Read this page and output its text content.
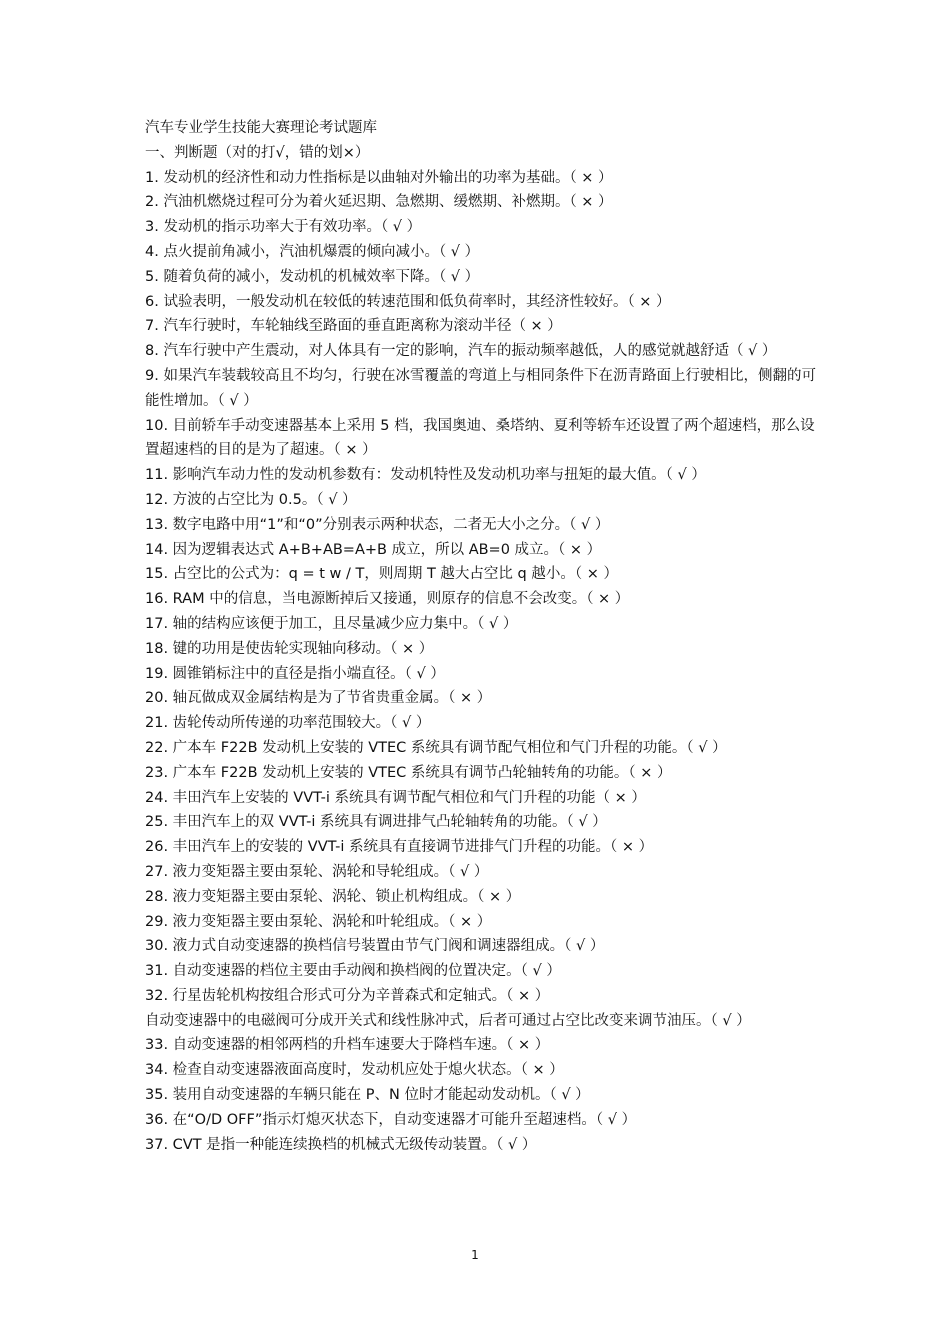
汽车专业学生技能大赛理论考试题库
一、判断题（对的打√，错的划×）
1. 发动机的经济性和动力性指标是以曲轴对外输出的功率为基础。（ × ）
2. 汽油机燃烧过程可分为着火延迟期、急燃期、缓燃期、补燃期。（ × ）
3. 发动机的指示功率大于有效功率。（ √ ）
4. 点火提前角减小，汽油机爆震的倾向减小。（ √ ）
5. 随着负荷的减小，发动机的机械效率下降。（ √ ）
6. 试验表明，一般发动机在较低的转速范围和低负荷率时，其经济性较好。（ × ）
7. 汽车行驶时，车轮轴线至路面的垂直距离称为滚动半径（ × ）
8. 汽车行驶中产生震动，对人体具有一定的影响，汽车的振动频率越低，人的感觉就越舒适（ √ ）
9. 如果汽车装载较高且不均匀，行驶在冰雪覆盖的弯道上与相同条件下在沥青路面上行驶相比，侧翻的可能性增加。（ √ ）
10. 目前轿车手动变速器基本上采用 5 档，我国奥迪、桑塔纳、夏利等轿车还设置了两个超速档，那么设置超速档的目的是为了超速。（ × ）
11. 影响汽车动力性的发动机参数有：发动机特性及发动机功率与扭矩的最大值。（ √ ）
12. 方波的占空比为 0.5。（ √ ）
13. 数字电路中用“1”和“0”分别表示两种状态，二者无大小之分。（ √ ）
14. 因为逻辑表达式 A+B+AB=A+B 成立，所以 AB=0 成立。（ × ）
15. 占空比的公式为：q = t w / T，则周期 T 越大占空比 q 越小。（ × ）
16. RAM 中的信息，当电源断掉后又接通，则原存的信息不会改变。（ × ）
17. 轴的结构应该便于加工，且尽量减少应力集中。（ √ ）
18. 键的功用是使齿轮实现轴向移动。（ × ）
19. 圆锥销标注中的直径是指小端直径。（ √ ）
20. 轴瓦做成双金属结构是为了节省贵重金属。（ × ）
21. 齿轮传动所传递的功率范围较大。（ √ ）
22. 广本车 F22B 发动机上安装的 VTEC 系统具有调节配气相位和气门升程的功能。（ √ ）
23. 广本车 F22B 发动机上安装的 VTEC 系统具有调节凸轮轴转角的功能。（ × ）
24. 丰田汽车上安装的 VVT-i 系统具有调节配气相位和气门升程的功能（ × ）
25. 丰田汽车上的双 VVT-i 系统具有调进排气凸轮轴转角的功能。（ √ ）
26. 丰田汽车上的安装的 VVT-i 系统具有直接调节进排气门升程的功能。（ × ）
27. 液力变矩器主要由泵轮、涡轮和导轮组成。（ √ ）
28. 液力变矩器主要由泵轮、涡轮、锁止机构组成。（ × ）
29. 液力变矩器主要由泵轮、涡轮和叶轮组成。（ × ）
30. 液力式自动变速器的换档信号装置由节气门阀和调速器组成。（ √ ）
31. 自动变速器的档位主要由手动阀和换档阀的位置决定。（ √ ）
32. 行星齿轮机构按组合形式可分为辛普森式和定轴式。（ × ）
自动变速器中的电磁阀可分成开关式和线性脉冲式，后者可通过占空比改变来调节油压。（ √ ）
33. 自动变速器的相邻两档的升档车速要大于降档车速。（ × ）
34. 检查自动变速器液面高度时，发动机应处于熄火状态。（ × ）
35. 装用自动变速器的车辆只能在 P、N 位时才能起动发动机。（ √ ）
36. 在“O/D OFF”指示灯熄灭状态下，自动变速器才可能升至超速档。（ √ ）
37. CVT 是指一种能连续换档的机械式无级传动装置。（ √ ）
1
